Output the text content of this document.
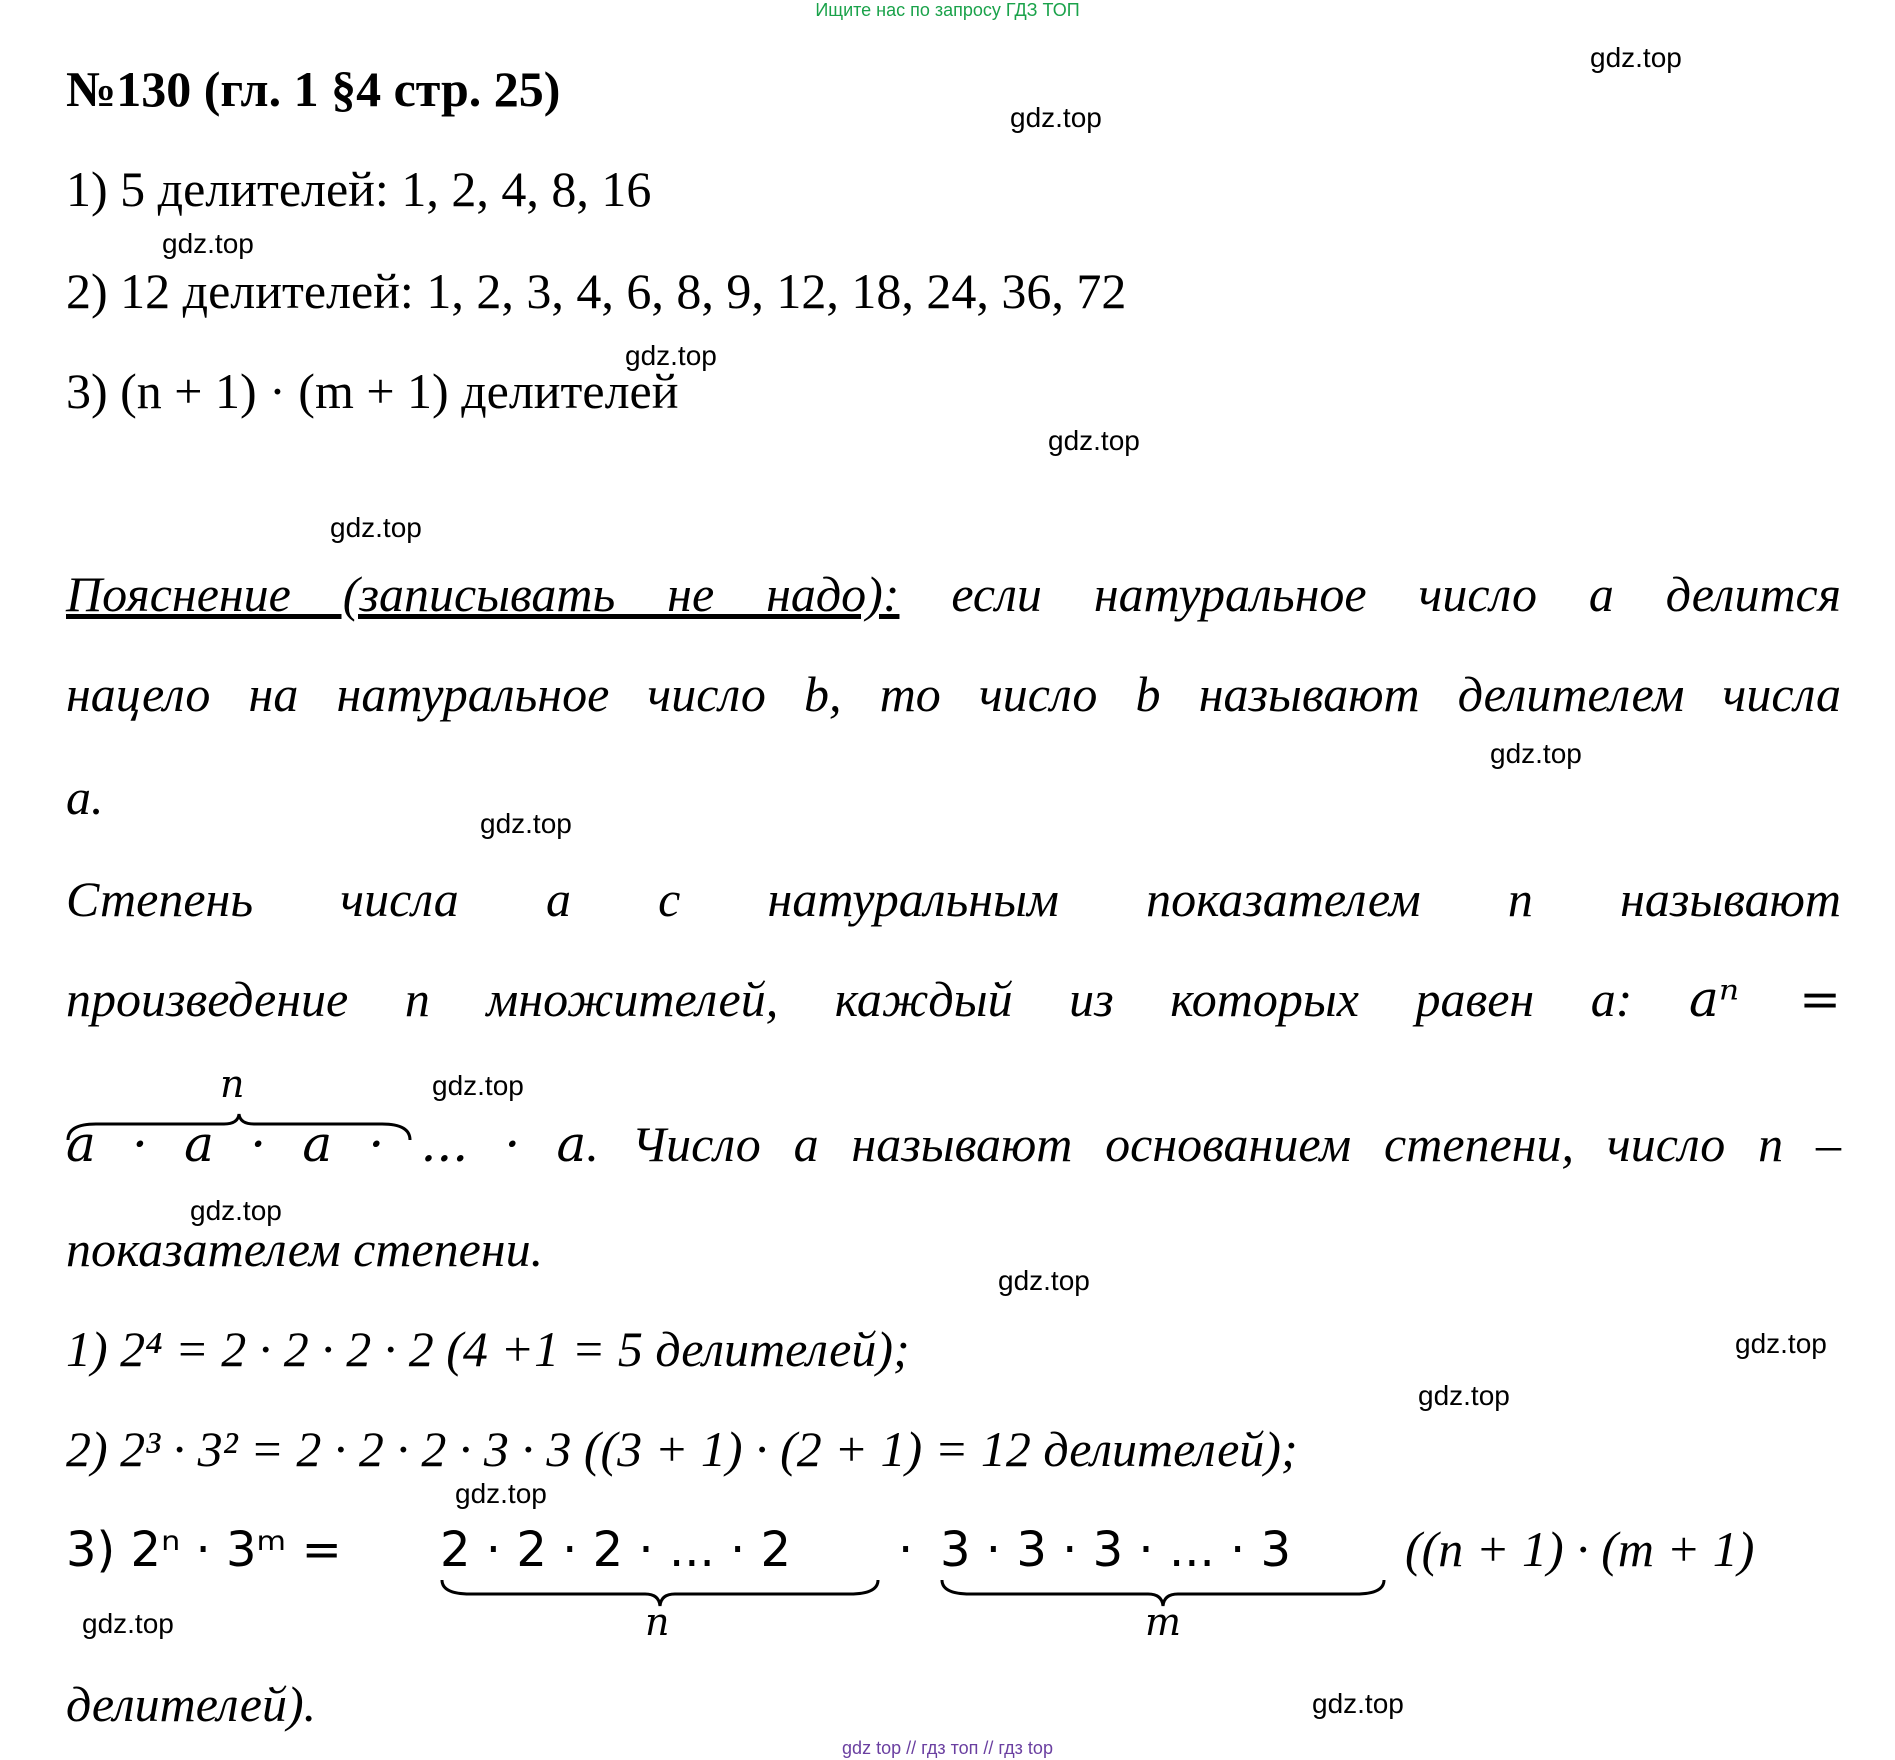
Ищите нас по запросу ГДЗ ТОП
№130 (гл. 1 §4 стр. 25)
1) 5 делителей: 1, 2, 4, 8, 16
2) 12 делителей: 1, 2, 3, 4, 6, 8, 9, 12, 18, 24, 36, 72
3) (n + 1) · (m + 1) делителей
Пояснение (записывать не надо): если натуральное число a делится
нацело на натуральное число b, то число b называют делителем числа
a.
Степень числа a с натуральным показателем n называют
произведение n множителей, каждый из которых равен a: aⁿ =
n
a · a · a · ... · a. Число a называют основанием степени, число n –
показателем степени.
1) 2⁴ = 2 · 2 · 2 · 2 (4 +1 = 5 делителей);
2) 2³ · 3² = 2 · 2 · 2 · 3 · 3 ((3 + 1) · (2 + 1) = 12 делителей);
3) 2ⁿ · 3ᵐ = 2 · 2 · 2 · ... · 2 · 3 · 3 · 3 · ... · 3 ((n + 1) · (m + 1)
n	m
делителей).
gdz.top
gdz.top
gdz.top
gdz.top
gdz.top
gdz.top
gdz.top
gdz.top
gdz.top
gdz.top
gdz.top
gdz.top
gdz.top
gdz.top
gdz.top
gdz.top
gdz top // гдз топ // гдз top
